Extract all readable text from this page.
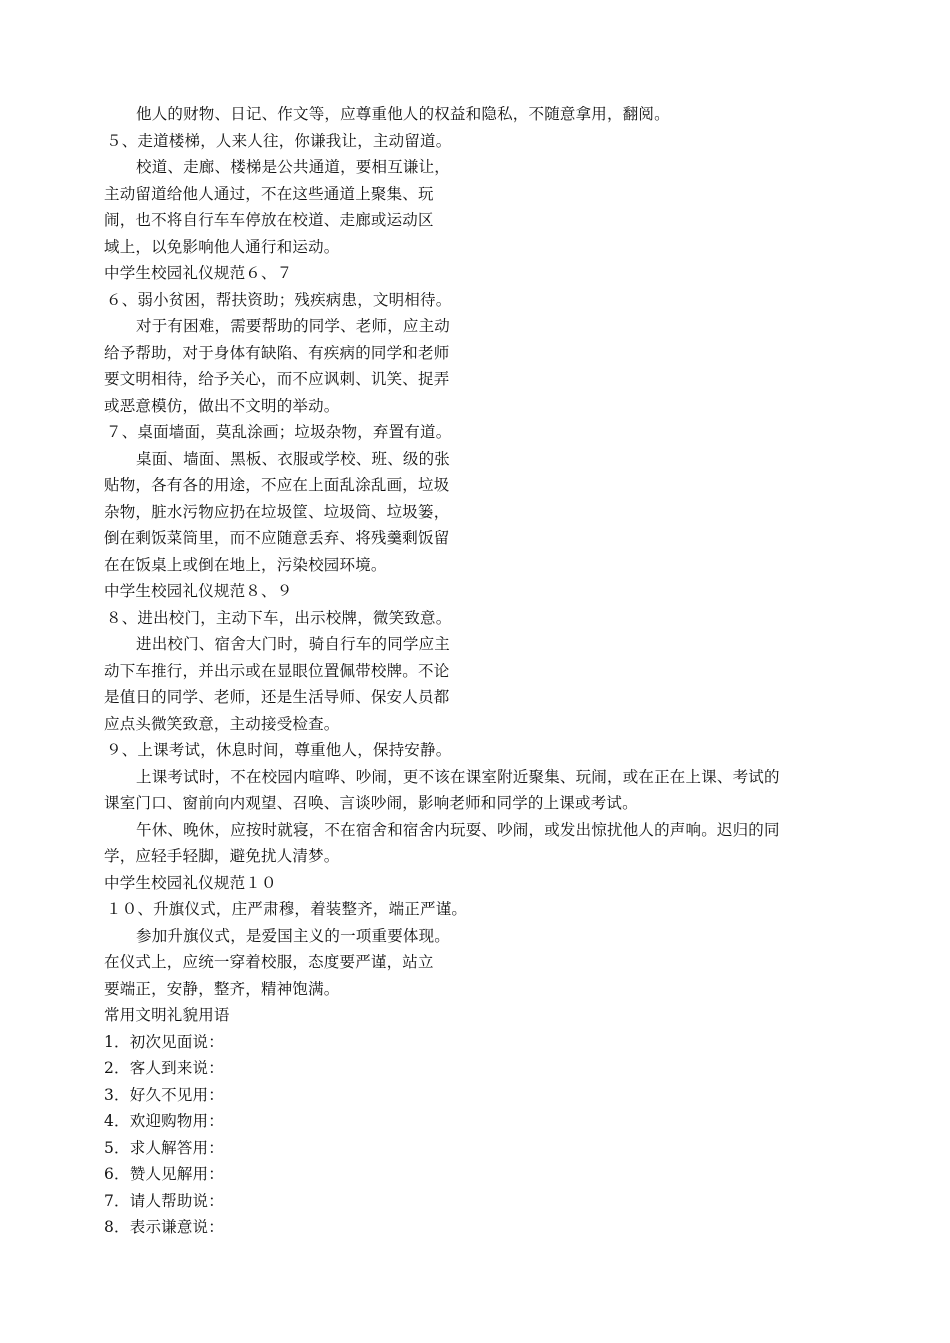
他人的财物、日记、作文等，应尊重他人的权益和隐私，不随意拿用，翻阅。
５、走道楼梯，人来人往，你谦我让，主动留道。
校道、走廊、楼梯是公共通道，要相互谦让，
主动留道给他人通过，不在这些通道上聚集、玩
闹，也不将自行车车停放在校道、走廊或运动区
域上，以免影响他人通行和运动。
中学生校园礼仪规范６、７
６、弱小贫困，帮扶资助；残疾病患，文明相待。
对于有困难，需要帮助的同学、老师，应主动
给予帮助，对于身体有缺陷、有疾病的同学和老师
要文明相待，给予关心，而不应讽刺、讥笑、捉弄
或恶意模仿，做出不文明的举动。
７、桌面墙面，莫乱涂画；垃圾杂物，弃置有道。
桌面、墙面、黑板、衣服或学校、班、级的张
贴物，各有各的用途，不应在上面乱涂乱画，垃圾
杂物，脏水污物应扔在垃圾筐、垃圾筒、垃圾篓，
倒在剩饭菜筒里，而不应随意丢弃、将残羹剩饭留
在在饭桌上或倒在地上，污染校园环境。
中学生校园礼仪规范８、９
８、进出校门，主动下车，出示校牌，微笑致意。
进出校门、宿舍大门时，骑自行车的同学应主
动下车推行，并出示或在显眼位置佩带校牌。不论
是值日的同学、老师，还是生活导师、保安人员都
应点头微笑致意，主动接受检查。
９、上课考试，休息时间，尊重他人，保持安静。
上课考试时，不在校园内喧哗、吵闹，更不该在课室附近聚集、玩闹，或在正在上课、考试的
课室门口、窗前向内观望、召唤、言谈吵闹，影响老师和同学的上课或考试。
午休、晚休，应按时就寝，不在宿舍和宿舍内玩耍、吵闹，或发出惊扰他人的声响。迟归的同
学，应轻手轻脚，避免扰人清梦。
中学生校园礼仪规范１０
１０、升旗仪式，庄严肃穆，着装整齐，端正严谨。
参加升旗仪式，是爱国主义的一项重要体现。
在仪式上，应统一穿着校服，态度要严谨，站立
要端正，安静，整齐，精神饱满。
常用文明礼貌用语
1．初次见面说：
2．客人到来说：
3．好久不见用：
4．欢迎购物用：
5．求人解答用：
6．赞人见解用：
7．请人帮助说：
8．表示谦意说：
